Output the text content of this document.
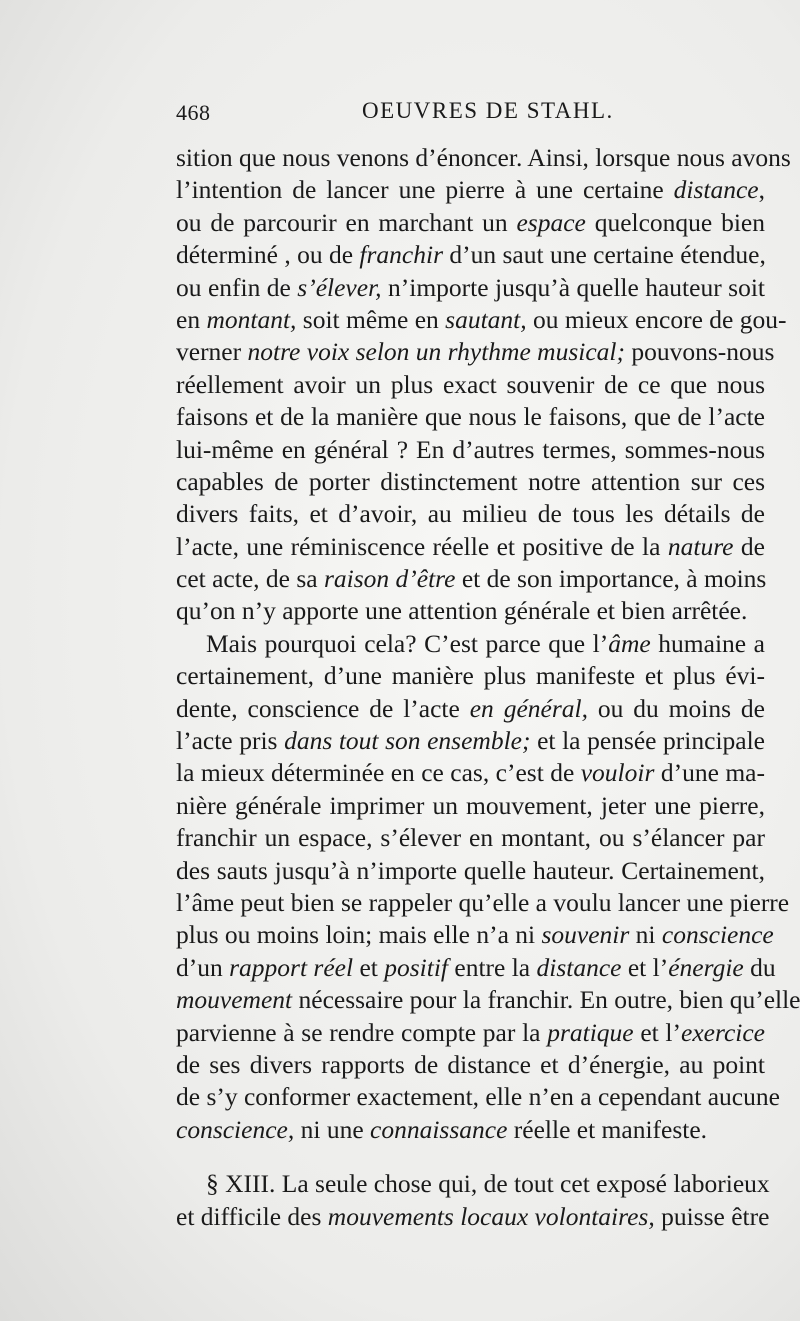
468	OEUVRES DE STAHL.
sition que nous venons d’énoncer. Ainsi, lorsque nous avons
l’intention de lancer une pierre à une certaine distance,
ou de parcourir en marchant un espace quelconque bien
déterminé , ou de franchir d’un saut une certaine étendue,
ou enfin de s’élever, n’importe jusqu’à quelle hauteur soit
en montant, soit même en sautant, ou mieux encore de gou-
verner notre voix selon un rhythme musical; pouvons-nous
réellement avoir un plus exact souvenir de ce que nous
faisons et de la manière que nous le faisons, que de l’acte
lui-même en général ? En d’autres termes, sommes-nous
capables de porter distinctement notre attention sur ces
divers faits, et d’avoir, au milieu de tous les détails de
l’acte, une réminiscence réelle et positive de la nature de
cet acte, de sa raison d’être et de son importance, à moins
qu’on n’y apporte une attention générale et bien arrêtée.
Mais pourquoi cela? C’est parce que l’âme humaine a
certainement, d’une manière plus manifeste et plus évi-
dente, conscience de l’acte en général, ou du moins de
l’acte pris dans tout son ensemble; et la pensée principale
la mieux déterminée en ce cas, c’est de vouloir d’une ma-
nière générale imprimer un mouvement, jeter une pierre,
franchir un espace, s’élever en montant, ou s’élancer par
des sauts jusqu’à n’importe quelle hauteur. Certainement,
l’âme peut bien se rappeler qu’elle a voulu lancer une pierre
plus ou moins loin; mais elle n’a ni souvenir ni conscience
d’un rapport réel et positif entre la distance et l’énergie du
mouvement nécessaire pour la franchir. En outre, bien qu’elle
parvienne à se rendre compte par la pratique et l’exercice
de ses divers rapports de distance et d’énergie, au point
de s’y conformer exactement, elle n’en a cependant aucune
conscience, ni une connaissance réelle et manifeste.
§ XIII. La seule chose qui, de tout cet exposé laborieux
et difficile des mouvements locaux volontaires, puisse être
